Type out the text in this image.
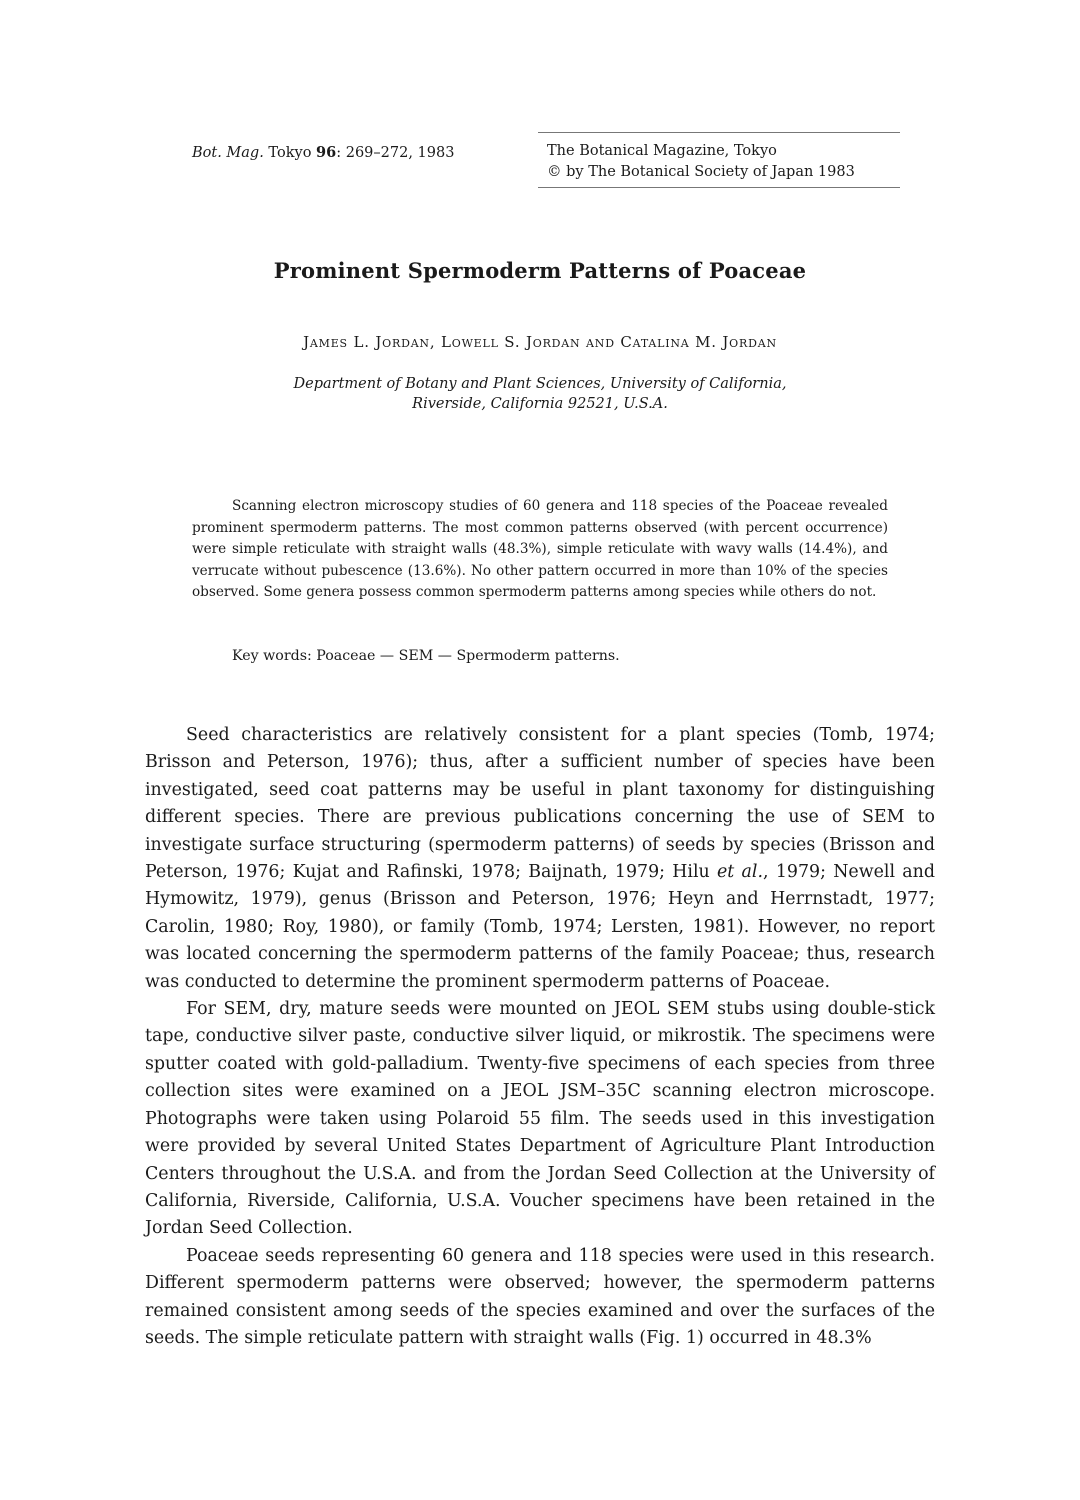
Bot. Mag. Tokyo 96: 269–272, 1983	The Botanical Magazine, Tokyo
© by The Botanical Society of Japan 1983
Prominent Spermoderm Patterns of Poaceae
James L. Jordan, Lowell S. Jordan and Catalina M. Jordan
Department of Botany and Plant Sciences, University of California,
Riverside, California 92521, U.S.A.
Scanning electron microscopy studies of 60 genera and 118 species of the Poaceae revealed prominent spermoderm patterns. The most common patterns observed (with percent occurrence) were simple reticulate with straight walls (48.3%), simple reticulate with wavy walls (14.4%), and verrucate without pubescence (13.6%). No other pattern occurred in more than 10% of the species observed. Some genera possess common spermoderm patterns among species while others do not.
Key words: Poaceae — SEM — Spermoderm patterns.

Seed characteristics are relatively consistent for a plant species (Tomb, 1974; Brisson and Peterson, 1976); thus, after a sufficient number of species have been investigated, seed coat patterns may be useful in plant taxonomy for distinguishing different species. There are previous publications concerning the use of SEM to investigate surface structuring (spermoderm patterns) of seeds by species (Brisson and Peterson, 1976; Kujat and Rafinski, 1978; Baijnath, 1979; Hilu et al., 1979; Newell and Hymowitz, 1979), genus (Brisson and Peterson, 1976; Heyn and Herrnstadt, 1977; Carolin, 1980; Roy, 1980), or family (Tomb, 1974; Lersten, 1981). However, no report was located concerning the spermoderm patterns of the family Poaceae; thus, research was conducted to determine the prominent spermoderm patterns of Poaceae.

For SEM, dry, mature seeds were mounted on JEOL SEM stubs using double-stick tape, conductive silver paste, conductive silver liquid, or mikrostik. The specimens were sputter coated with gold-palladium. Twenty-five specimens of each species from three collection sites were examined on a JEOL JSM–35C scanning electron microscope. Photographs were taken using Polaroid 55 film. The seeds used in this investigation were provided by several United States Department of Agriculture Plant Introduction Centers throughout the U.S.A. and from the Jordan Seed Collection at the University of California, Riverside, California, U.S.A. Voucher specimens have been retained in the Jordan Seed Collection.

Poaceae seeds representing 60 genera and 118 species were used in this research. Different spermoderm patterns were observed; however, the spermoderm patterns remained consistent among seeds of the species examined and over the surfaces of the seeds. The simple reticulate pattern with straight walls (Fig. 1) occurred in 48.3%
